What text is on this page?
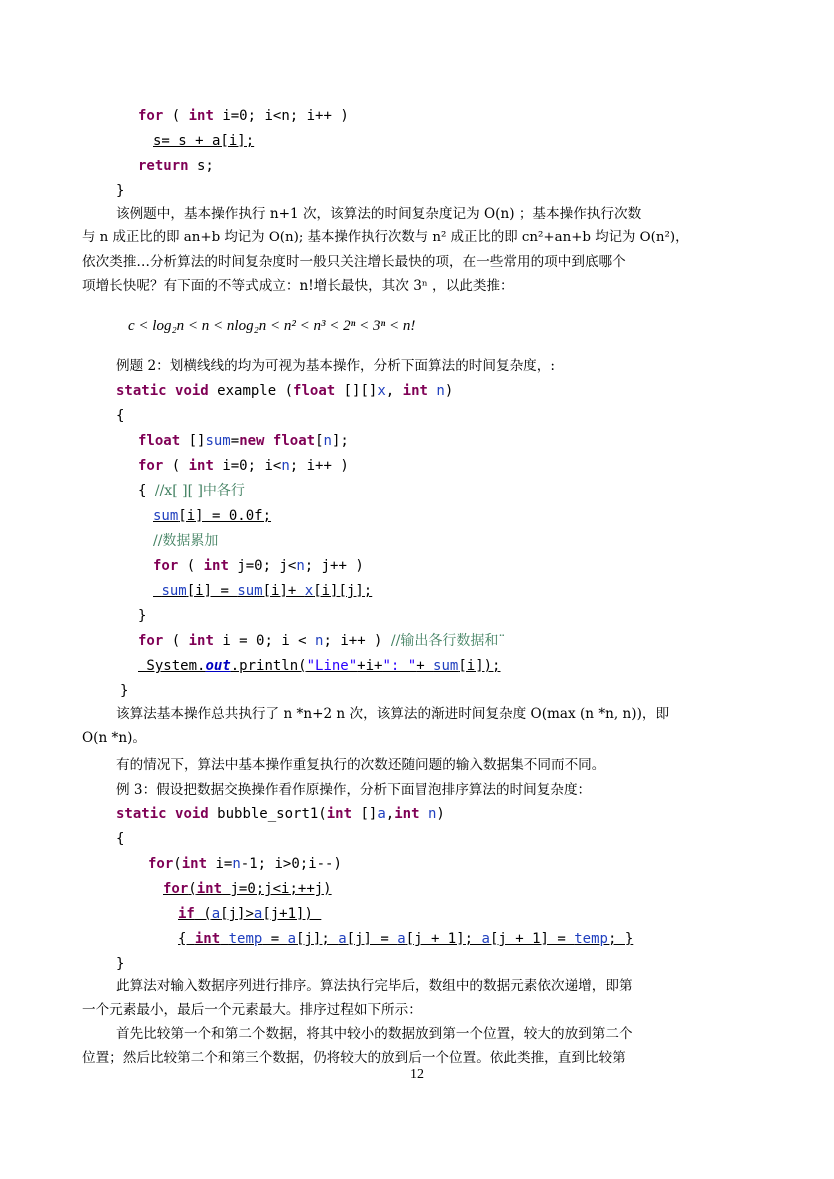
for ( int i=0; i<n; i++ )
s= s + a[i];
return s;
}
该例题中，基本操作执行 n+1 次，该算法的时间复杂度记为 O(n) ；基本操作执行次数
与 n 成正比的即 an+b 均记为 O(n); 基本操作执行次数与 n² 成正比的即 cn²+an+b 均记为 O(n²)，
依次类推…分析算法的时间复杂度时一般只关注增长最快的项，在一些常用的项中到底哪个
项增长快呢？有下面的不等式成立：n!增长最快，其次 3ⁿ ，以此类推：
c < log₂n < n < nlog₂n < n² < n³ < 2ⁿ < 3ⁿ < n!
例题 2：划横线线的均为可视为基本操作，分析下面算法的时间复杂度，:
static void example (float [][]x, int n)
{
float []sum=new float[n];
for ( int i=0; i<n; i++ )
{ //x[ ][ ]中各行
sum[i] = 0.0f;
//数据累加
for ( int j=0; j<n; j++ )
sum[i] = sum[i]+ x[i][j];
}
for ( int i = 0; i < n; i++ ) //输出各行数据和¨
System.out.println("Line"+i+": "+ sum[i]);
}
该算法基本操作总共执行了 n *n+2 n 次，该算法的渐进时间复杂度 O(max (n *n, n))，即
O(n *n)。
有的情况下，算法中基本操作重复执行的次数还随问题的输入数据集不同而不同。
例 3：假设把数据交换操作看作原操作，分析下面冒泡排序算法的时间复杂度：
static void bubble_sort1(int []a,int n)
{
for(int i=n-1; i>0;i--)
for(int j=0;j<i;++j)
if (a[j]>a[j+1])
{ int temp = a[j]; a[j] = a[j + 1]; a[j + 1] = temp; }
}
此算法对输入数据序列进行排序。算法执行完毕后，数组中的数据元素依次递增，即第
一个元素最小，最后一个元素最大。排序过程如下所示：
首先比较第一个和第二个数据，将其中较小的数据放到第一个位置，较大的放到第二个
位置；然后比较第二个和第三个数据，仍将较大的放到后一个位置。依此类推，直到比较第
12
